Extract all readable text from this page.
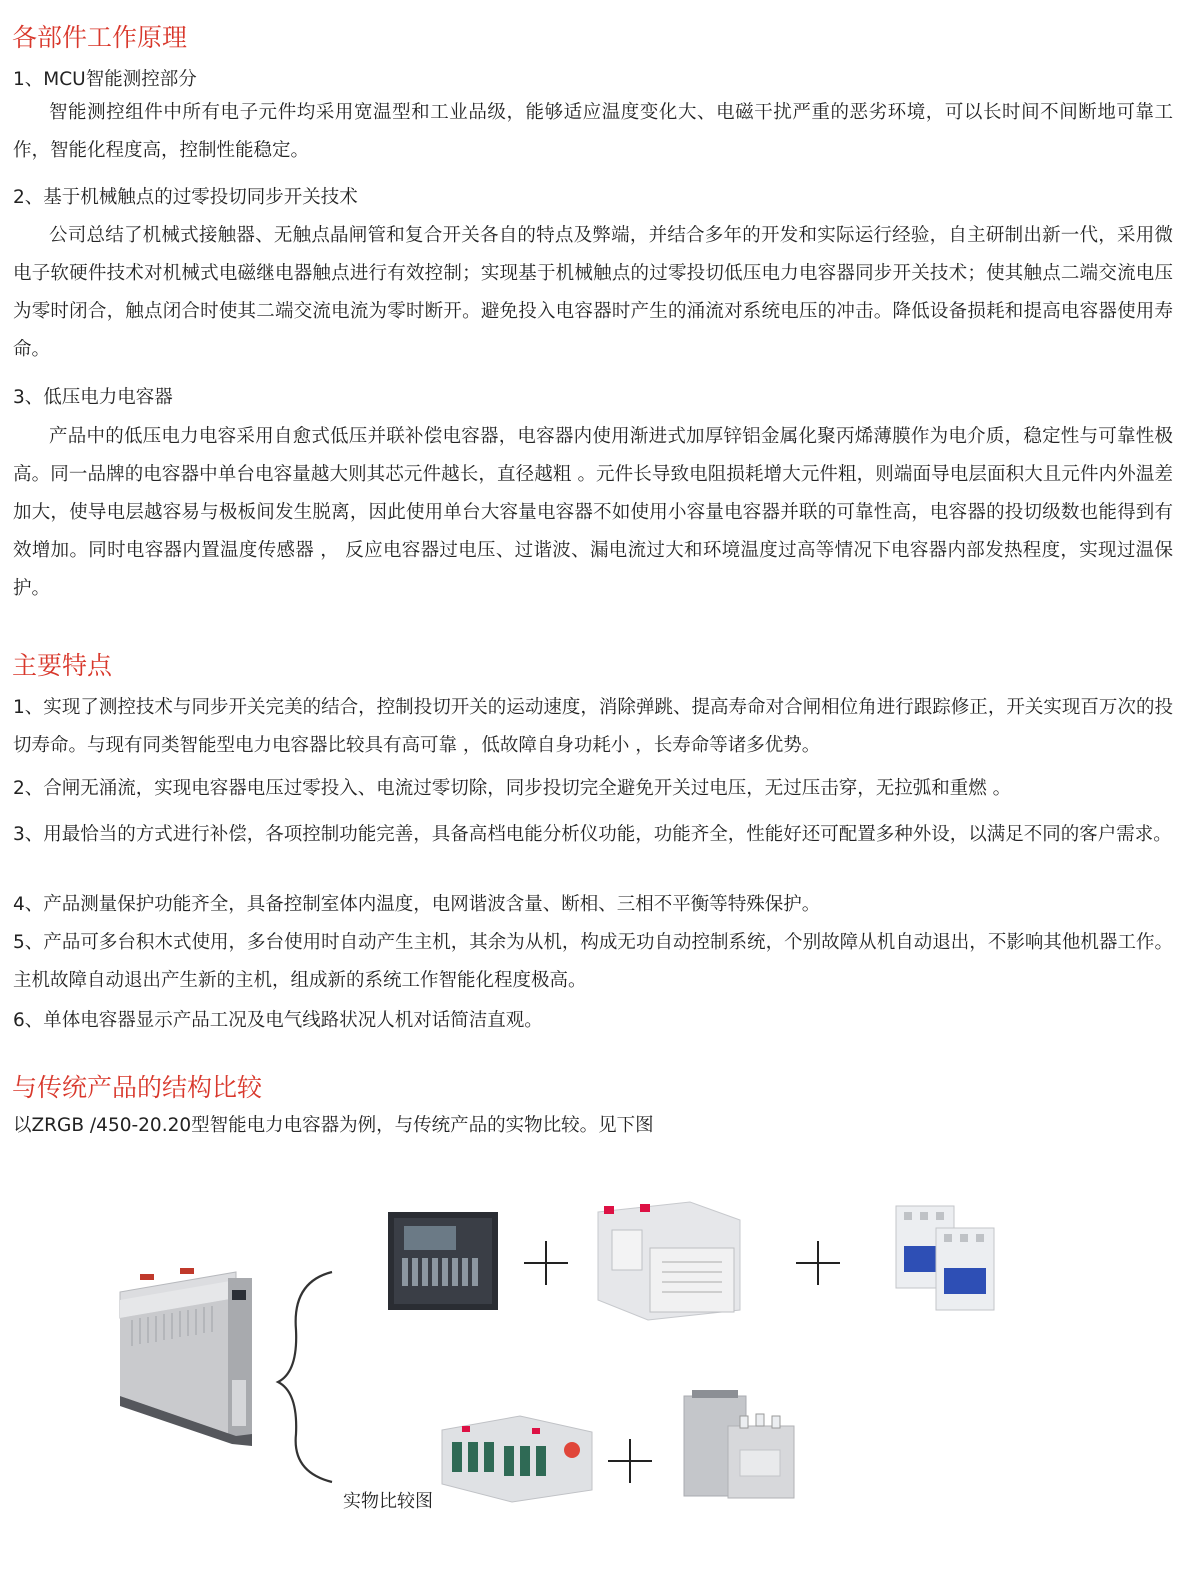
各部件工作原理

1、MCU智能测控部分

智能测控组件中所有电子元件均采用宽温型和工业品级，能够适应温度变化大、电磁干扰严重的恶劣环境，可以长时间不间断地可靠工作，智能化程度高，控制性能稳定。

2、基于机械触点的过零投切同步开关技术

公司总结了机械式接触器、无触点晶闸管和复合开关各自的特点及弊端，并结合多年的开发和实际运行经验，自主研制出新一代，采用微电子软硬件技术对机械式电磁继电器触点进行有效控制；实现基于机械触点的过零投切低压电力电容器同步开关技术；使其触点二端交流电压为零时闭合，触点闭合时使其二端交流电流为零时断开。避免投入电容器时产生的涌流对系统电压的冲击。降低设备损耗和提高电容器使用寿命。

3、低压电力电容器

产品中的低压电力电容采用自愈式低压并联补偿电容器，电容器内使用渐进式加厚锌铝金属化聚丙烯薄膜作为电介质，稳定性与可靠性极高。同一品牌的电容器中单台电容量越大则其芯元件越长，直径越粗 。元件长导致电阻损耗增大元件粗，则端面导电层面积大且元件内外温差加大，使导电层越容易与极板间发生脱离，因此使用单台大容量电容器不如使用小容量电容器并联的可靠性高，电容器的投切级数也能得到有效增加。同时电容器内置温度传感器 ， 反应电容器过电压、过谐波、漏电流过大和环境温度过高等情况下电容器内部发热程度，实现过温保护。

主要特点

1、实现了测控技术与同步开关完美的结合，控制投切开关的运动速度，消除弹跳、提高寿命对合闸相位角进行跟踪修正，开关实现百万次的投切寿命。与现有同类智能型电力电容器比较具有高可靠 ，低故障自身功耗小 ，长寿命等诸多优势。

2、合闸无涌流，实现电容器电压过零投入、电流过零切除，同步投切完全避免开关过电压，无过压击穿，无拉弧和重燃 。

3、用最恰当的方式进行补偿，各项控制功能完善，具备高档电能分析仪功能，功能齐全，性能好还可配置多种外设，以满足不同的客户需求。

4、产品测量保护功能齐全，具备控制室体内温度，电网谐波含量、断相、三相不平衡等特殊保护。

5、产品可多台积木式使用，多台使用时自动产生主机，其余为从机，构成无功自动控制系统，个别故障从机自动退出，不影响其他机器工作。主机故障自动退出产生新的主机，组成新的系统工作智能化程度极高。

6、单体电容器显示产品工况及电气线路状况人机对话简洁直观。

与传统产品的结构比较

以ZRGB /450-20.20型智能电力电容器为例，与传统产品的实物比较。见下图

实物比较图
